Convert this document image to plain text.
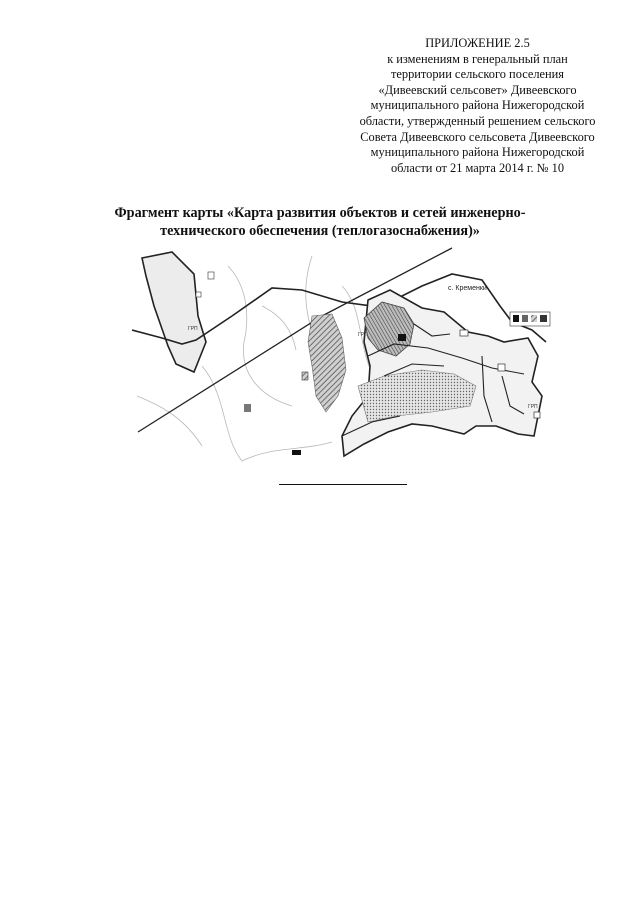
ПРИЛОЖЕНИЕ 2.5
к изменениям в генеральный план
территории сельского поселения
«Дивеевский сельсовет» Дивеевского
муниципального района Нижегородской
области, утвержденный решением сельского
Совета Дивеевского сельсовета Дивеевского
муниципального района Нижегородской
области от 21 марта 2014 г. № 10
Фрагмент карты «Карта развития объектов и сетей инженерно-
технического обеспечения (теплогазоснабжения)»
ГРП
с. Кременки
ГРП
ГРП
